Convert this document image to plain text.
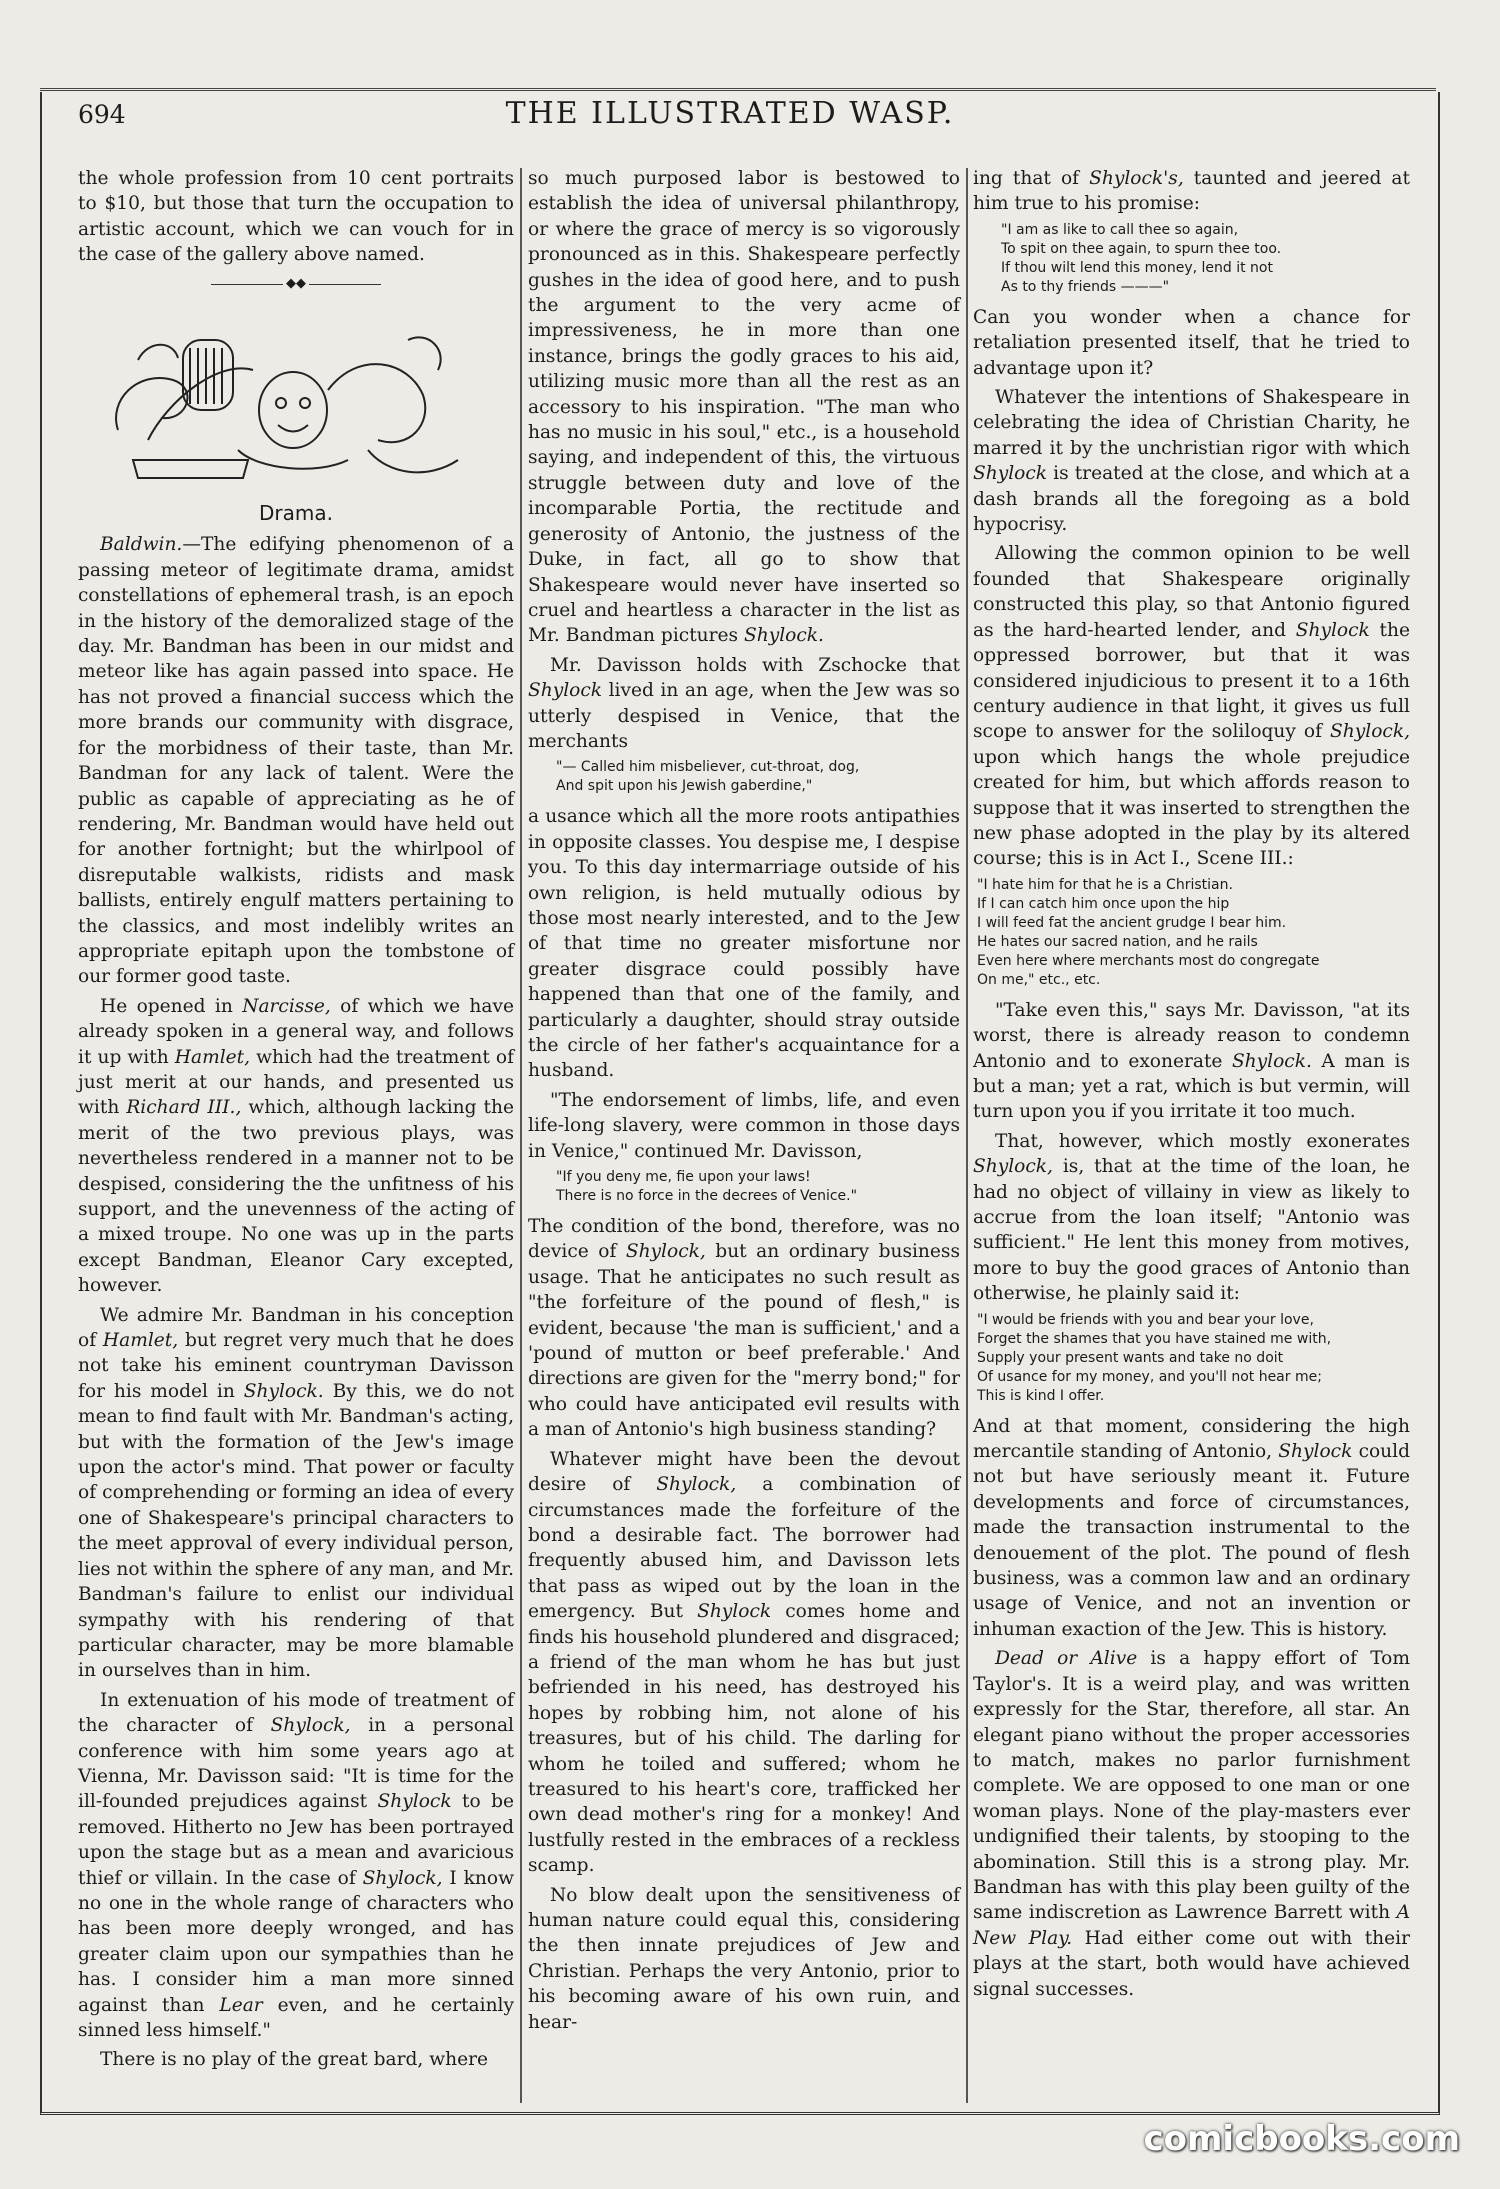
694	THE ILLUSTRATED WASP.

the whole profession from 10 cent portraits to $10, but those that turn the occupation to artistic account, which we can vouch for in the case of the gallery above named.

◆◆
Drama.

Baldwin.—The edifying phenomenon of a passing meteor of legitimate drama, amidst constellations of ephemeral trash, is an epoch in the history of the demoralized stage of the day. Mr. Bandman has been in our midst and meteor like has again passed into space. He has not proved a financial success which the more brands our community with disgrace, for the morbidness of their taste, than Mr. Bandman for any lack of talent. Were the public as capable of appreciating as he of rendering, Mr. Bandman would have held out for another fortnight; but the whirlpool of disreputable walkists, ridists and mask ballists, entirely engulf matters pertaining to the classics, and most indelibly writes an appropriate epitaph upon the tombstone of our former good taste.

He opened in Narcisse, of which we have already spoken in a general way, and follows it up with Hamlet, which had the treatment of just merit at our hands, and presented us with Richard III., which, although lacking the merit of the two previous plays, was nevertheless rendered in a manner not to be despised, considering the the unfitness of his support, and the unevenness of the acting of a mixed troupe. No one was up in the parts except Bandman, Eleanor Cary excepted, however.

We admire Mr. Bandman in his conception of Hamlet, but regret very much that he does not take his eminent countryman Davisson for his model in Shylock. By this, we do not mean to find fault with Mr. Bandman's acting, but with the formation of the Jew's image upon the actor's mind. That power or faculty of comprehending or forming an idea of every one of Shakespeare's principal characters to the meet approval of every individual person, lies not within the sphere of any man, and Mr. Bandman's failure to enlist our individual sympathy with his rendering of that particular character, may be more blamable in ourselves than in him.

In extenuation of his mode of treatment of the character of Shylock, in a personal conference with him some years ago at Vienna, Mr. Davisson said: "It is time for the ill-founded prejudices against Shylock to be removed. Hitherto no Jew has been portrayed upon the stage but as a mean and avaricious thief or villain. In the case of Shylock, I know no one in the whole range of characters who has been more deeply wronged, and has greater claim upon our sympathies than he has. I consider him a man more sinned against than Lear even, and he certainly sinned less himself."

There is no play of the great bard, where

so much purposed labor is bestowed to establish the idea of universal philanthropy, or where the grace of mercy is so vigorously pronounced as in this. Shakespeare perfectly gushes in the idea of good here, and to push the argument to the very acme of impressiveness, he in more than one instance, brings the godly graces to his aid, utilizing music more than all the rest as an accessory to his inspiration. "The man who has no music in his soul," etc., is a household saying, and independent of this, the virtuous struggle between duty and love of the incomparable Portia, the rectitude and generosity of Antonio, the justness of the Duke, in fact, all go to show that Shakespeare would never have inserted so cruel and heartless a character in the list as Mr. Bandman pictures Shylock.

Mr. Davisson holds with Zschocke that Shylock lived in an age, when the Jew was so utterly despised in Venice, that the merchants

"— Called him misbeliever, cut-throat, dog,
And spit upon his Jewish gaberdine,"

a usance which all the more roots antipathies in opposite classes. You despise me, I despise you. To this day intermarriage outside of his own religion, is held mutually odious by those most nearly interested, and to the Jew of that time no greater misfortune nor greater disgrace could possibly have happened than that one of the family, and particularly a daughter, should stray outside the circle of her father's acquaintance for a husband.

"The endorsement of limbs, life, and even life-long slavery, were common in those days in Venice," continued Mr. Davisson,

"If you deny me, fie upon your laws!
There is no force in the decrees of Venice."

The condition of the bond, therefore, was no device of Shylock, but an ordinary business usage. That he anticipates no such result as "the forfeiture of the pound of flesh," is evident, because 'the man is sufficient,' and a 'pound of mutton or beef preferable.' And directions are given for the "merry bond;" for who could have anticipated evil results with a man of Antonio's high business standing?

Whatever might have been the devout desire of Shylock, a combination of circumstances made the forfeiture of the bond a desirable fact. The borrower had frequently abused him, and Davisson lets that pass as wiped out by the loan in the emergency. But Shylock comes home and finds his household plundered and disgraced; a friend of the man whom he has but just befriended in his need, has destroyed his hopes by robbing him, not alone of his treasures, but of his child. The darling for whom he toiled and suffered; whom he treasured to his heart's core, trafficked her own dead mother's ring for a monkey! And lustfully rested in the embraces of a reckless scamp.

No blow dealt upon the sensitiveness of human nature could equal this, considering the then innate prejudices of Jew and Christian. Perhaps the very Antonio, prior to his becoming aware of his own ruin, and hear-

ing that of Shylock's, taunted and jeered at him true to his promise:

"I am as like to call thee so again,
To spit on thee again, to spurn thee too.
If thou wilt lend this money, lend it not
As to thy friends ———"

Can you wonder when a chance for retaliation presented itself, that he tried to advantage upon it?

Whatever the intentions of Shakespeare in celebrating the idea of Christian Charity, he marred it by the unchristian rigor with which Shylock is treated at the close, and which at a dash brands all the foregoing as a bold hypocrisy.

Allowing the common opinion to be well founded that Shakespeare originally constructed this play, so that Antonio figured as the hard-hearted lender, and Shylock the oppressed borrower, but that it was considered injudicious to present it to a 16th century audience in that light, it gives us full scope to answer for the soliloquy of Shylock, upon which hangs the whole prejudice created for him, but which affords reason to suppose that it was inserted to strengthen the new phase adopted in the play by its altered course; this is in Act I., Scene III.:

"I hate him for that he is a Christian.
If I can catch him once upon the hip
I will feed fat the ancient grudge I bear him.
He hates our sacred nation, and he rails
Even here where merchants most do congregate
On me," etc., etc.

"Take even this," says Mr. Davisson, "at its worst, there is already reason to condemn Antonio and to exonerate Shylock. A man is but a man; yet a rat, which is but vermin, will turn upon you if you irritate it too much.

That, however, which mostly exonerates Shylock, is, that at the time of the loan, he had no object of villainy in view as likely to accrue from the loan itself; "Antonio was sufficient." He lent this money from motives, more to buy the good graces of Antonio than otherwise, he plainly said it:

"I would be friends with you and bear your love,
Forget the shames that you have stained me with,
Supply your present wants and take no doit
Of usance for my money, and you'll not hear me;
This is kind I offer.

And at that moment, considering the high mercantile standing of Antonio, Shylock could not but have seriously meant it. Future developments and force of circumstances, made the transaction instrumental to the denouement of the plot. The pound of flesh business, was a common law and an ordinary usage of Venice, and not an invention or inhuman exaction of the Jew. This is history.

Dead or Alive is a happy effort of Tom Taylor's. It is a weird play, and was written expressly for the Star, therefore, all star. An elegant piano without the proper accessories to match, makes no parlor furnishment complete. We are opposed to one man or one woman plays. None of the play-masters ever undignified their talents, by stooping to the abomination. Still this is a strong play. Mr. Bandman has with this play been guilty of the same indiscretion as Lawrence Barrett with A New Play. Had either come out with their plays at the start, both would have achieved signal successes.

comicbooks.com
